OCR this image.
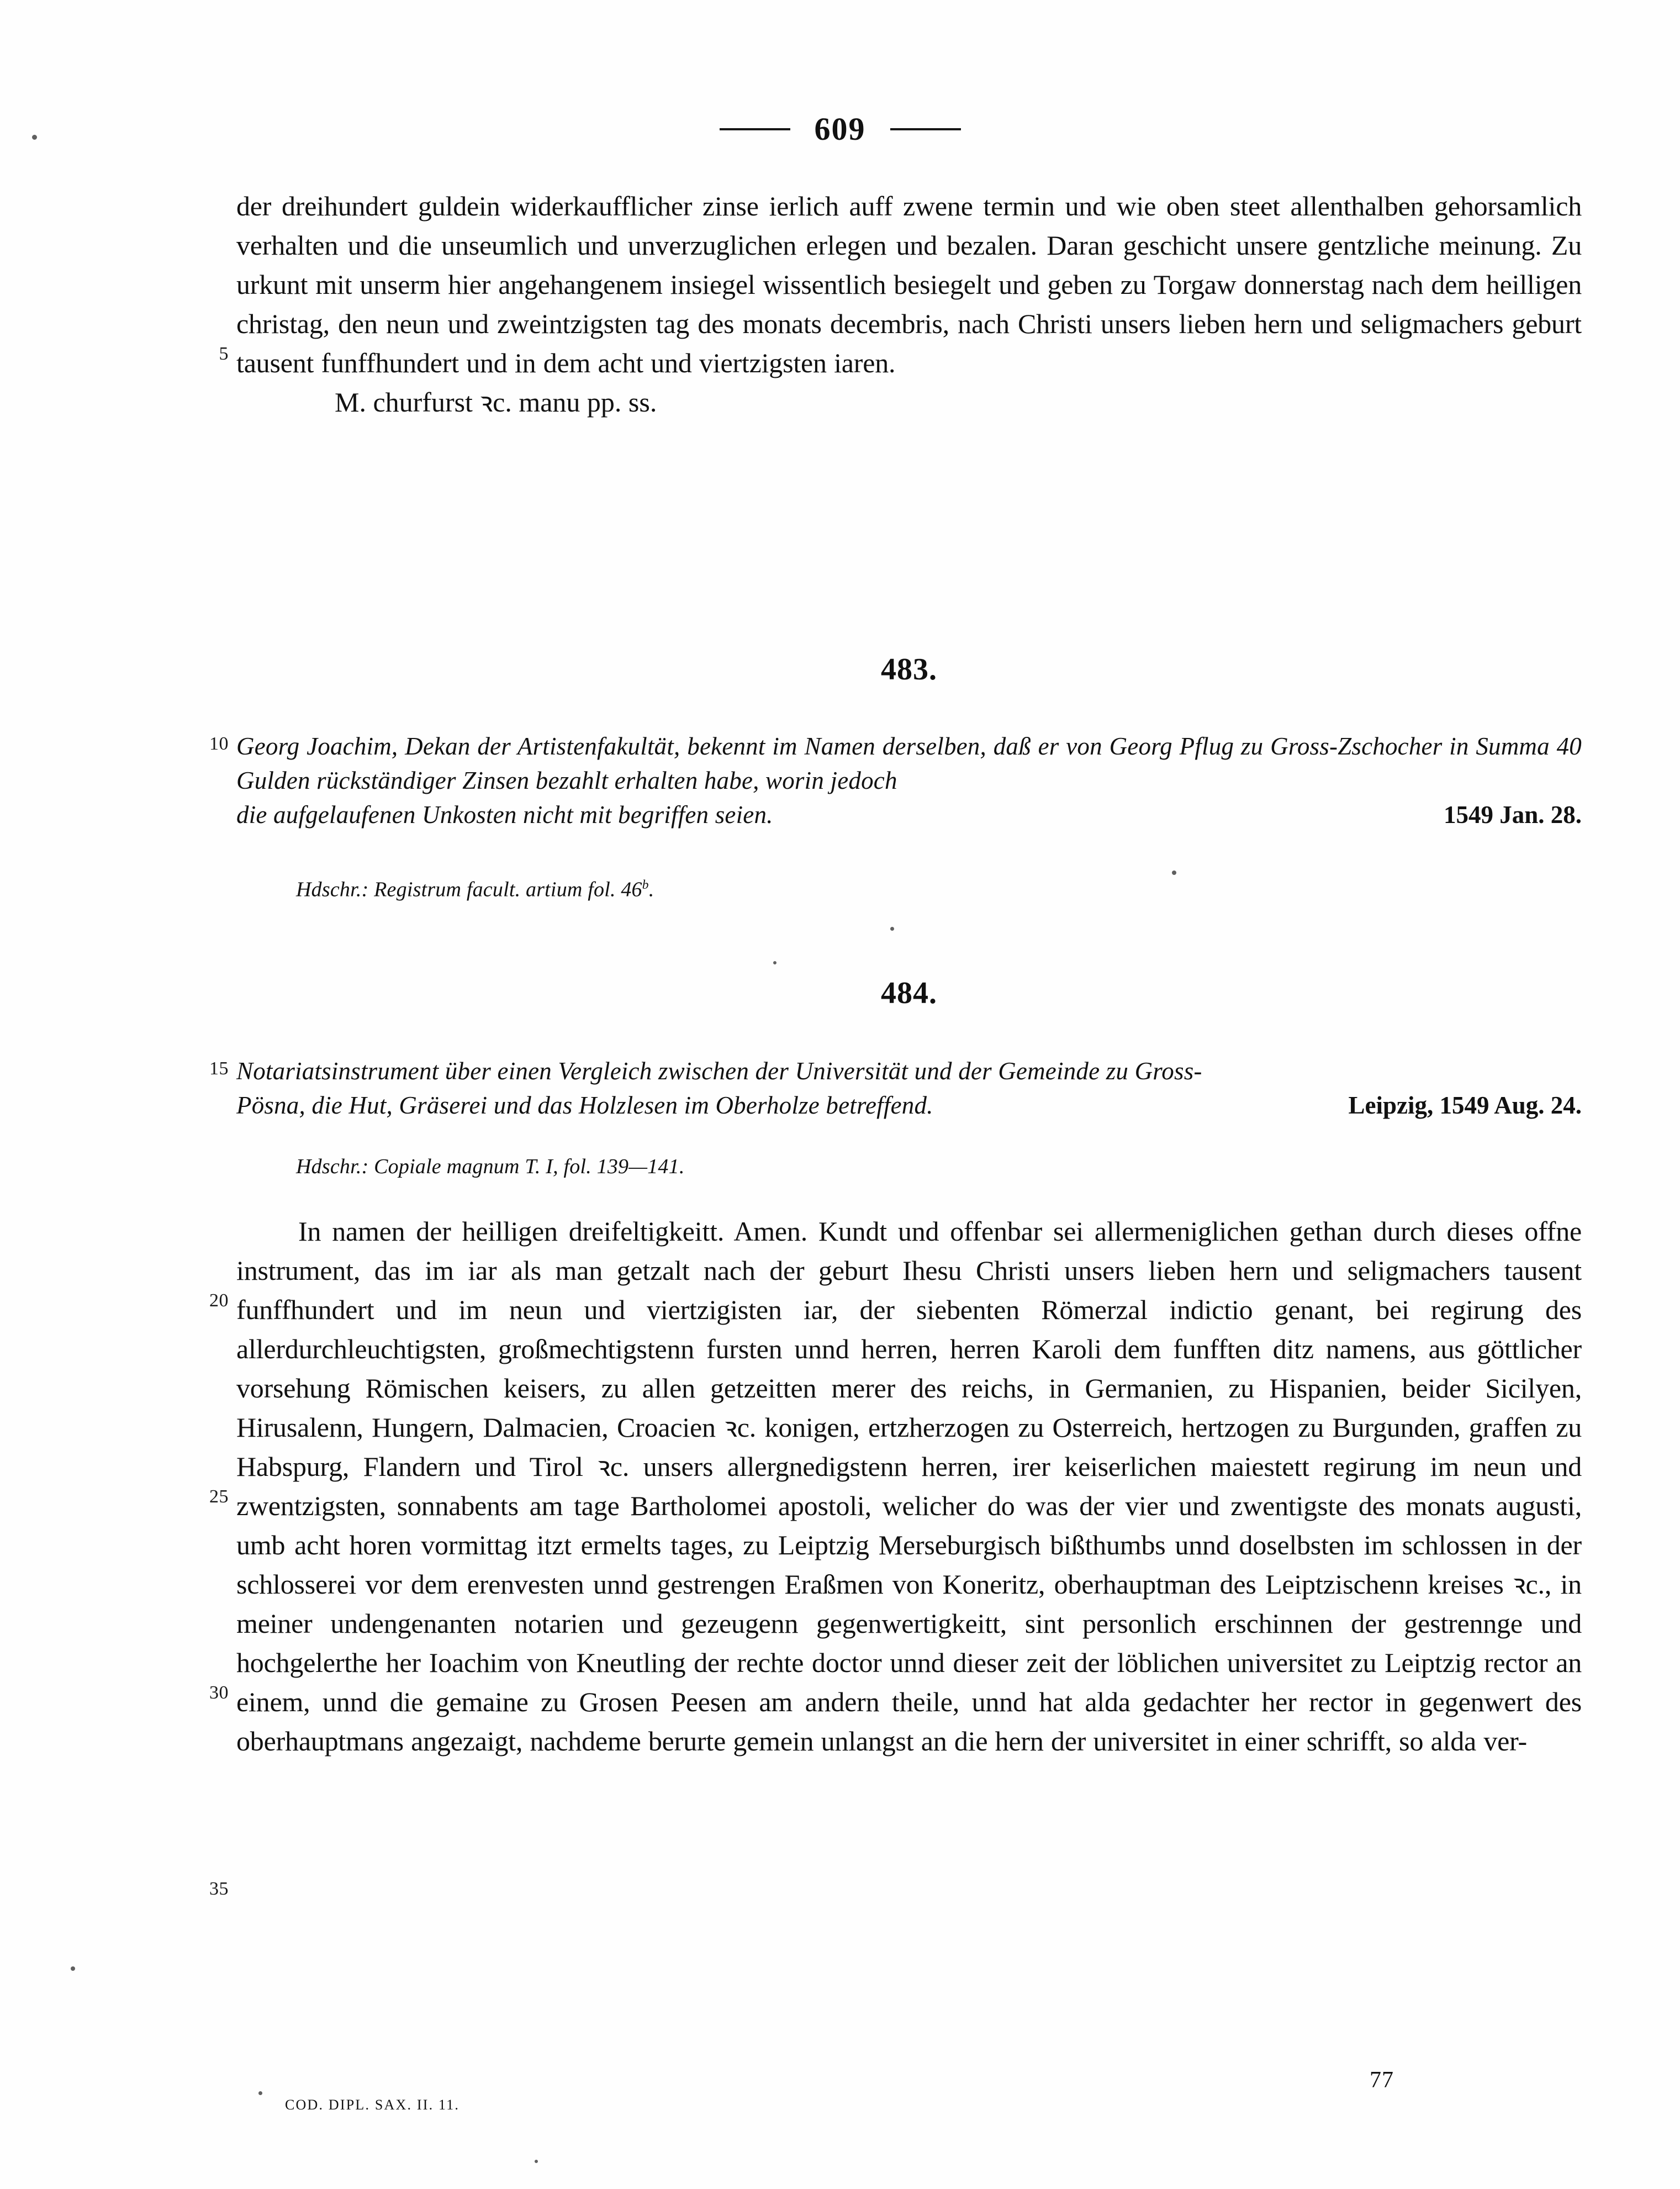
609

der dreihundert guldein widerkaufflicher zinse ierlich auff zwene termin und wie oben steet allenthalben gehorsamlich verhalten und die unseumlich und unverzuglichen erlegen und bezalen. Daran geschicht unsere gentzliche meinung. Zu urkunt mit unserm hier angehangenem insiegel wissentlich besiegelt und geben zu Torgaw donnerstag nach dem heilligen christag, den neun und zweintzigsten tag des monats decembris, nach Christi unsers lieben hern und seligmachers geburt tausent funffhundert und in dem acht und viertzigsten iaren.

5

M. churfurst ꝛc. manu pp. ss.

483.

10 Georg Joachim, Dekan der Artistenfakultät, bekennt im Namen derselben, daß er von Georg Pflug zu Gross-Zschocher in Summa 40 Gulden rückständiger Zinsen bezahlt erhalten habe, worin jedoch
die aufgelaufenen Unkosten nicht mit begriffen seien.	1549 Jan. 28.

Hdschr.: Registrum facult. artium fol. 46$^b$.

484.

15 Notariatsinstrument über einen Vergleich zwischen der Universität und der Gemeinde zu Gross-
Pösna, die Hut, Gräserei und das Holzlesen im Oberholze betreffend.	Leipzig, 1549 Aug. 24.

Hdschr.: Copiale magnum T. I, fol. 139—141.

In namen der heilligen dreifeltigkeitt. Amen. Kundt und offenbar sei allermeniglichen gethan durch dieses offne instrument, das im iar als man getzalt nach der geburt Ihesu Christi unsers lieben hern und seligmachers tausent funffhundert und im neun und viertzigisten iar, der siebenten Römerzal indictio genant, bei regirung des allerdurchleuchtigsten, großmechtigstenn fursten unnd herren, herren Karoli dem funfften ditz namens, aus göttlicher vorsehung Römischen keisers, zu allen getzeitten merer des reichs, in Germanien, zu Hispanien, beider Sicilyen, Hirusalenn, Hungern, Dalmacien, Croacien ꝛc. konigen, ertzherzogen zu Osterreich, hertzogen zu Burgunden, graffen zu Habspurg, Flandern und Tirol ꝛc. unsers allergnedigstenn herren, irer keiserlichen maiestett regirung im neun und zwentzigsten, sonnabents am tage Bartholomei apostoli, welicher do was der vier und zwentigste des monats augusti, umb acht horen vormittag itzt ermelts tages, zu Leiptzig Merseburgisch bißthumbs unnd doselbsten im schlossen in der schlosserei vor dem erenvesten unnd gestrengen Eraßmen von Koneritz, oberhauptman des Leiptzischenn kreises ꝛc., in meiner undengenanten notarien und gezeugenn gegenwertigkeitt, sint personlich erschinnen der gestrennge und hochgelerthe her Ioachim von Kneutling der rechte doctor unnd dieser zeit der löblichen universitet zu Leiptzig rector an einem, unnd die gemaine zu Grosen Peesen am andern theile, unnd hat alda gedachter her rector in gegenwert des oberhauptmans angezaigt, nachdeme berurte gemein unlangst an die hern der universitet in einer schrifft, so alda ver-

20
25
30
35
COD. DIPL. SAX. II. 11.
77
